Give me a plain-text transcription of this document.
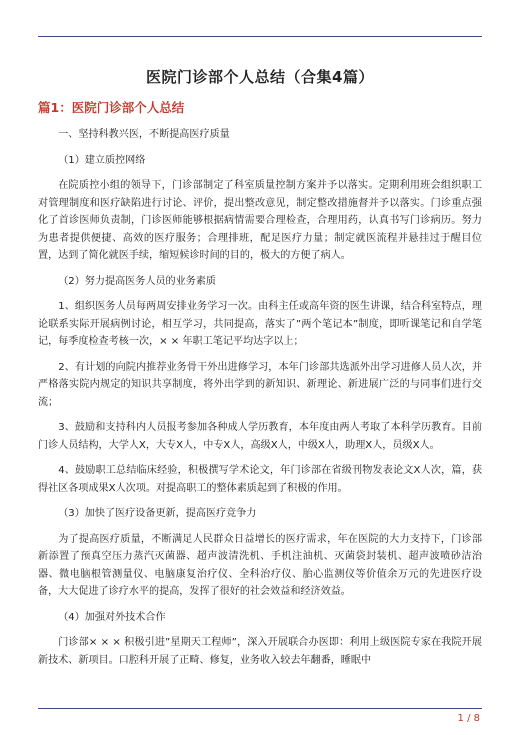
医院门诊部个人总结（合集4篇）
篇1：医院门诊部个人总结
一、坚持科教兴医，不断提高医疗质量
（1）建立质控网络

在院质控小组的领导下，门诊部制定了科室质量控制方案并予以落实。定期利用班会组织职工对管理制度和医疗缺陷进行讨论、评价，提出整改意见，制定整改措施督并予以落实。门诊重点强化了首诊医师负责制，门诊医师能够根据病情需要合理检查，合理用药，认真书写门诊病历。努力为患者提供便捷、高效的医疗服务；合理排班，配足医疗力量；制定就医流程并悬挂过于醒目位置，达到了简化就医手续，缩短候诊时间的目的，极大的方便了病人。

（2）努力提高医务人员的业务素质

1、组织医务人员每两周安排业务学习一次。由科主任或高年资的医生讲课，结合科室特点，理论联系实际开展病例讨论，相互学习，共同提高，落实了”两个笔记本”制度，即听课笔记和自学笔记，每季度检查考核一次，× × 年职工笔记平均达字以上；

2、有计划的向院内推荐业务骨干外出进修学习，本年门诊部共选派外出学习进修人员人次，并严格落实院内规定的知识共享制度，将外出学到的新知识、新理论、新进展广泛的与同事们进行交流；

3、鼓励和支持科内人员报考参加各种成人学历教育，本年度由两人考取了本科学历教育。目前门诊人员结构，大学人X，大专X人，中专X人，高级X人，中级X人，助理X人，员级X人。

4、鼓励职工总结临床经验，积极撰写学术论文，年门诊部在省级刊物发表论文X人次，篇，获得社区各项成果X人次项。对提高职工的整体素质起到了积极的作用。

（3）加快了医疗设备更新，提高医疗竞争力

为了提高医疗质量，不断满足人民群众日益增长的医疗需求，年在医院的大力支持下，门诊部新添置了预真空压力蒸汽灭菌器、超声波清洗机、手机注油机、灭菌袋封装机、超声波喷砂洁治器、微电脑根管测量仪、电脑康复治疗仪、全科治疗仪、胎心监测仪等价值余万元的先进医疗设备，大大促进了诊疗水平的提高，发挥了很好的社会效益和经济效益。

（4）加强对外技术合作

门诊部× × × 积极引进”星期天工程师”，深入开展联合办医即：利用上级医院专家在我院开展新技术、新项目。口腔科开展了正畸、修复，业务收入较去年翻番，睡眠中

1 / 8
